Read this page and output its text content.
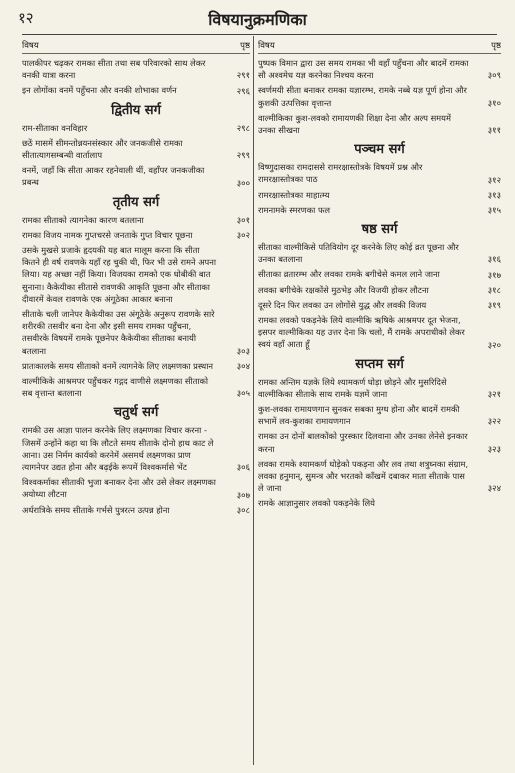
१२	विषयानुक्रमणिका
विषय	पृष्ठ
पालकीपर चढ़कर रामका सीता तथा सब परिवारको साथ लेकर वनकी यात्रा करना	२९१
इन लोगोंका वनमें पहुँचना और वनकी शोभाका वर्णन	२९६
द्वितीय सर्ग
राम-सीताका वनविहार	२९८
छठें मासमें सीमन्तोन्नयनसंस्कार और जनकजीसे रामका सीतात्यागसम्बन्धी वार्तालाप	२९९
वनमें, जहाँ कि सीता आकर रहनेवाली थीं, वहाँपर जनकजीका प्रबन्ध	३००
तृतीय सर्ग
रामका सीताको त्यागनेका कारण बतलाना	३०१
रामका विजय नामक गुप्तचरसे जनताके गुप्त विचार पूछना	३०२
उसके मुखसे प्रजाके हृदयकी यह बात मालूम करना कि सीता कितने ही वर्ष रावणके यहाँ रह चुकी थी, फिर भी उसे रामने अपना लिया। यह अच्छा नहीं किया। विजयका रामको एक धोबीकी बात सुनाना। कैकेयीका सीतासे रावणकी आकृति पूछना और सीताका दीवारमें केवल रावणके एक अंगूठेका आकार बनाना
सीताके चली जानेपर कैकेयीका उस अंगूठेके अनुरूप रावणके सारे शरीरकी तसवीर बना देना और इसी समय रामका पहुँचना, तसवीरके विषयमें रामके पूछनेपर कैकेयीका सीताका बनायी बतलाना	३०३
प्रातःकालके समय सीताको वनमें त्यागनेके लिए लक्ष्मणका प्रस्थान	३०४
वाल्मीकिके आश्रमपर पहुँचकर गद्गद वाणीसे लक्ष्मणका सीताको सब वृत्तान्त बतलाना	३०५
चतुर्थ सर्ग
रामकी उस आज्ञा पालन करनेके लिए लक्ष्मणका विचार करना - जिसमें उन्होंने कहा था कि लौटते समय सीताके दोनो हाथ काट ले आना। उस निर्मम कार्यको करनेमें असमर्थ लक्ष्मणका प्राण त्यागनेपर उद्यत होना और बढ़ईके रूपमें विश्वकर्मासे भेंट	३०६
विश्वकर्माका सीताकी भुजा बनाकर देना और उसे लेकर लक्ष्मणका अयोध्या लौटना	३०७
अर्धरात्रिके समय सीताके गर्भसे पुत्ररत्न उत्पन्न होना	३०८
विषय	पृष्ठ
पुष्पक विमान द्वारा उस समय रामका भी वहाँ पहुँचना और बादमें रामका सौ अश्वमेध यज्ञ करनेका निश्चय करना	३०९
स्वर्णमयी सीता बनाकर रामका यज्ञारम्भ, रामके नब्बे यज्ञ पूर्ण होना और कुशकी उत्पत्तिका वृत्तान्त	३१०
वाल्मीकिका कुश-लवको रामायणकी शिक्षा देना और अल्प समयमें उनका सीखना	३११
पञ्चम सर्ग
विष्णुदासका रामदाससे रामरक्षास्तोत्रके विषयमें प्रश्न और रामरक्षास्तोत्रका पाठ	३१२
रामरक्षास्तोत्रका माहात्म्य	३१३
रामनामके स्मरणका फल	३१५
षष्ठ सर्ग
सीताका वाल्मीकिसे पतिवियोग दूर करनेके लिए कोई व्रत पूछना और उनका बतलाना	३१६
सीताका व्रतारम्भ और लवका रामके बगीचेसे कमल लाने जाना	३१७
लवका बगीचेके रक्षकोंसे मुठभेड़ और विजयी होकर लौटना	३१८
दूसरे दिन फिर लवका उन लोगोंसे युद्ध और लवकी विजय	३१९
रामका लवको पकड़नेके लिये वाल्मीकि ऋषिके आश्रमपर दूत भेजना, इसपर वाल्मीकिका यह उत्तर देना कि चलो, मैं रामके अपराधीको लेकर स्वयं वहाँ आता हूँ	३२०
सप्तम सर्ग
रामका अन्तिम यज्ञके लिये श्यामकर्ण घोड़ा छोड़ने और मुसरिदिसे वाल्मीकिका सीताके साथ रामके यज्ञमें जाना	३२१
कुश-लवका रामायणगान सुनकर सबका मुग्ध होना और बादमें रामकी सभामें लव-कुशका रामायणगान	३२२
रामका उन दोनों बालकोंको पुरस्कार दिलवाना और उनका लेनेसे इनकार करना	३२३
लवका रामके श्यामकर्ण घोड़ेको पकड़ना और लव तथा शत्रुघ्नका संग्राम, लवका हनुमान्, सुमन्त्र और भरतको काँखमें दबाकर माता सीताके पास ले जाना	३२४
रामके आज्ञानुसार लवको पकड़नेके लिये
